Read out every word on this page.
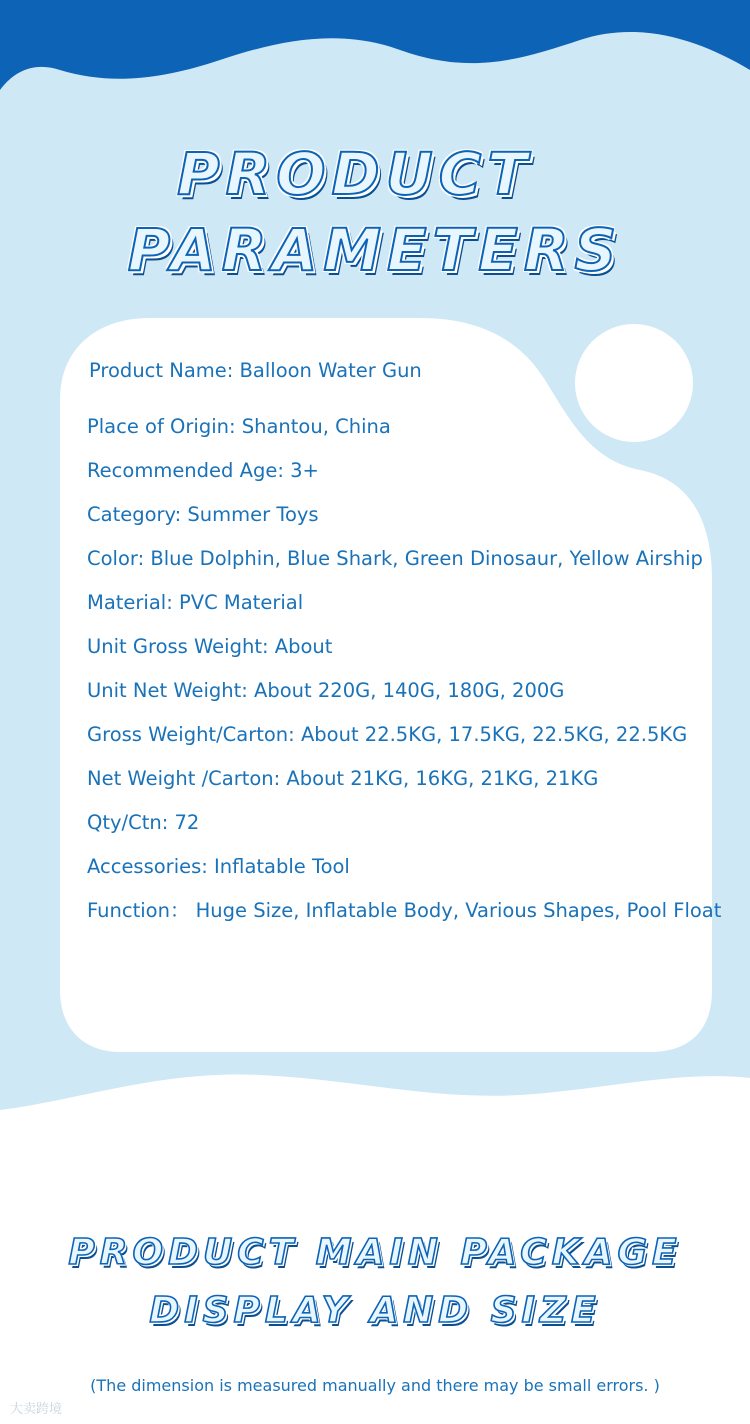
PRODUCT
PARAMETERS
Product Name: Balloon Water Gun
Place of Origin: Shantou, China
Recommended Age: 3+
Category: Summer Toys
Color: Blue Dolphin, Blue Shark, Green Dinosaur, Yellow Airship
Material: PVC Material
Unit Gross Weight: About
Unit Net Weight: About 220G, 140G, 180G, 200G
Gross Weight/Carton: About 22.5KG, 17.5KG, 22.5KG, 22.5KG
Net Weight /Carton: About 21KG, 16KG, 21KG, 21KG
Qty/Ctn: 72
Accessories: Inflatable Tool
Function： Huge Size, Inflatable Body, Various Shapes, Pool Float
PRODUCT MAIN PACKAGE
DISPLAY AND SIZE
(The dimension is measured manually and there may be small errors. )
大卖跨境
